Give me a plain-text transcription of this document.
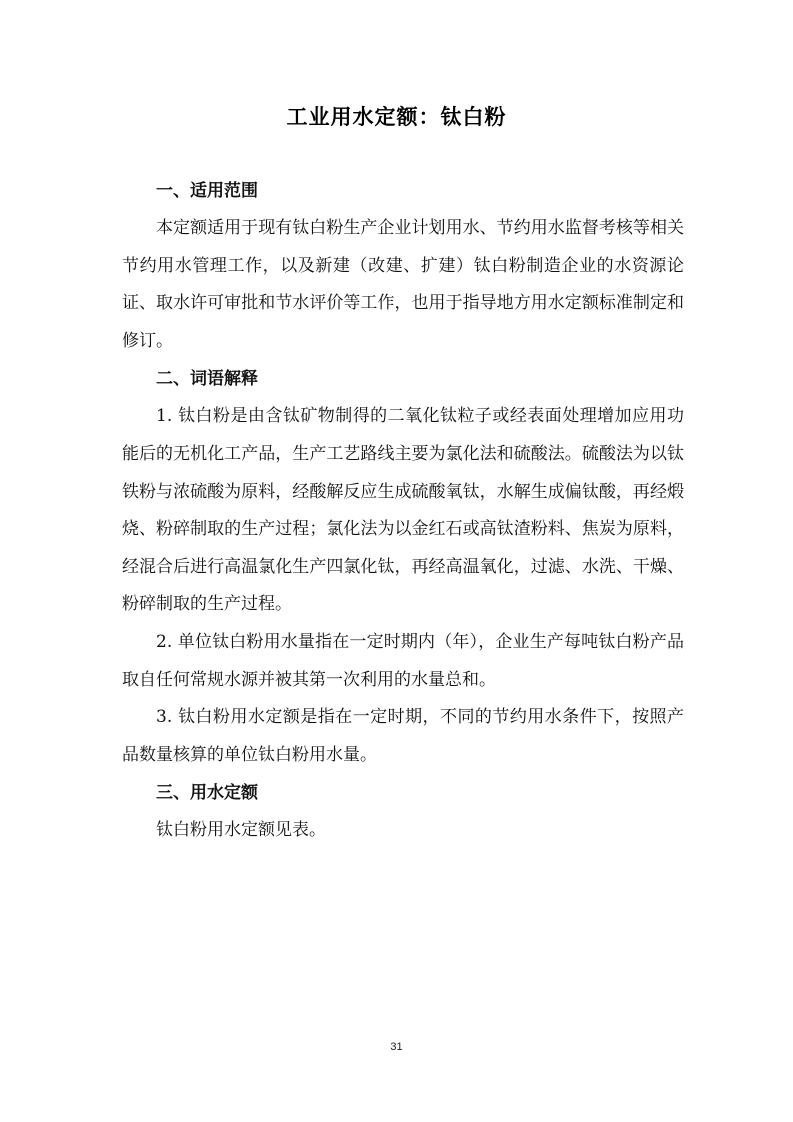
工业用水定额：钛白粉
一、适用范围

本定额适用于现有钛白粉生产企业计划用水、节约用水监督考核等相关节约用水管理工作，以及新建（改建、扩建）钛白粉制造企业的水资源论证、取水许可审批和节水评价等工作，也用于指导地方用水定额标准制定和修订。

二、词语解释

1. 钛白粉是由含钛矿物制得的二氧化钛粒子或经表面处理增加应用功能后的无机化工产品，生产工艺路线主要为氯化法和硫酸法。硫酸法为以钛铁粉与浓硫酸为原料，经酸解反应生成硫酸氧钛，水解生成偏钛酸，再经煅烧、粉碎制取的生产过程；氯化法为以金红石或高钛渣粉料、焦炭为原料，经混合后进行高温氯化生产四氯化钛，再经高温氧化，过滤、水洗、干燥、粉碎制取的生产过程。

2. 单位钛白粉用水量指在一定时期内（年），企业生产每吨钛白粉产品取自任何常规水源并被其第一次利用的水量总和。

3. 钛白粉用水定额是指在一定时期，不同的节约用水条件下，按照产品数量核算的单位钛白粉用水量。

三、用水定额

钛白粉用水定额见表。

31
